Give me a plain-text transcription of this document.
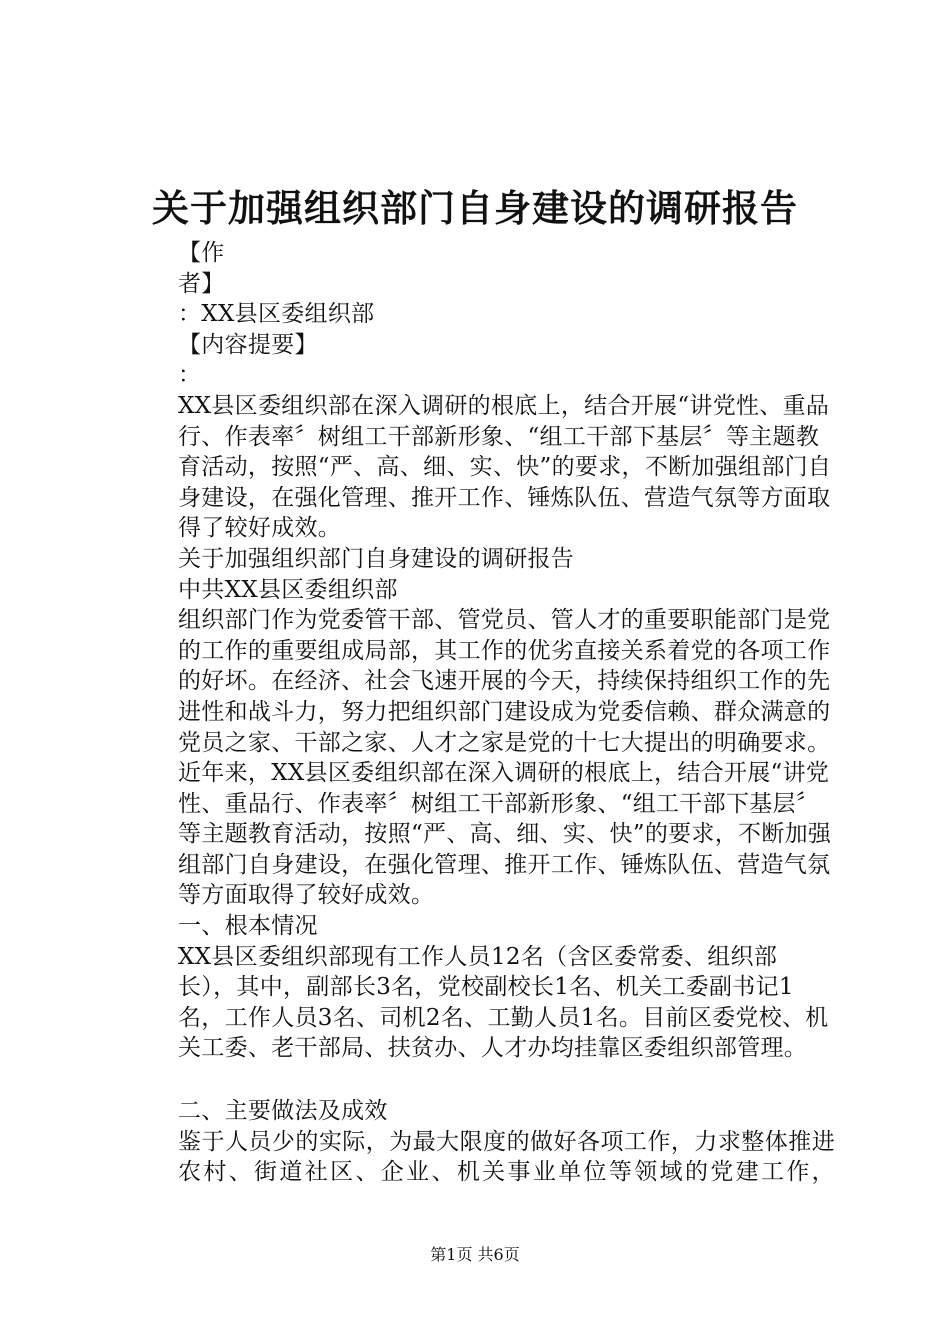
关于加强组织部门自身建设的调研报告

【作

者】

：XX县区委组织部

【内容提要】

：

XX县区委组织部在深入调研的根底上，结合开展“讲党性、重品行、作表率〞树组工干部新形象、“组工干部下基层〞等主题教育活动，按照“严、高、细、实、快”的要求，不断加强组部门自身建设，在强化管理、推开工作、锤炼队伍、营造气氛等方面取得了较好成效。

关于加强组织部门自身建设的调研报告

中共XX县区委组织部

组织部门作为党委管干部、管党员、管人才的重要职能部门是党的工作的重要组成局部，其工作的优劣直接关系着党的各项工作的好坏。在经济、社会飞速开展的今天，持续保持组织工作的先进性和战斗力，努力把组织部门建设成为党委信赖、群众满意的党员之家、干部之家、人才之家是党的十七大提出的明确要求。近年来，XX县区委组织部在深入调研的根底上，结合开展“讲党性、重品行、作表率〞树组工干部新形象、“组工干部下基层〞等主题教育活动，按照“严、高、细、实、快”的要求，不断加强组部门自身建设，在强化管理、推开工作、锤炼队伍、营造气氛等方面取得了较好成效。

一、根本情况

XX县区委组织部现有工作人员12名（含区委常委、组织部长），其中，副部长3名，党校副校长1名、机关工委副书记1名，工作人员3名、司机2名、工勤人员1名。目前区委党校、机关工委、老干部局、扶贫办、人才办均挂靠区委组织部管理。

二、主要做法及成效

鉴于人员少的实际，为最大限度的做好各项工作，力求整体推进农村、街道社区、企业、机关事业单位等领域的党建工作，

第1页 共6页
